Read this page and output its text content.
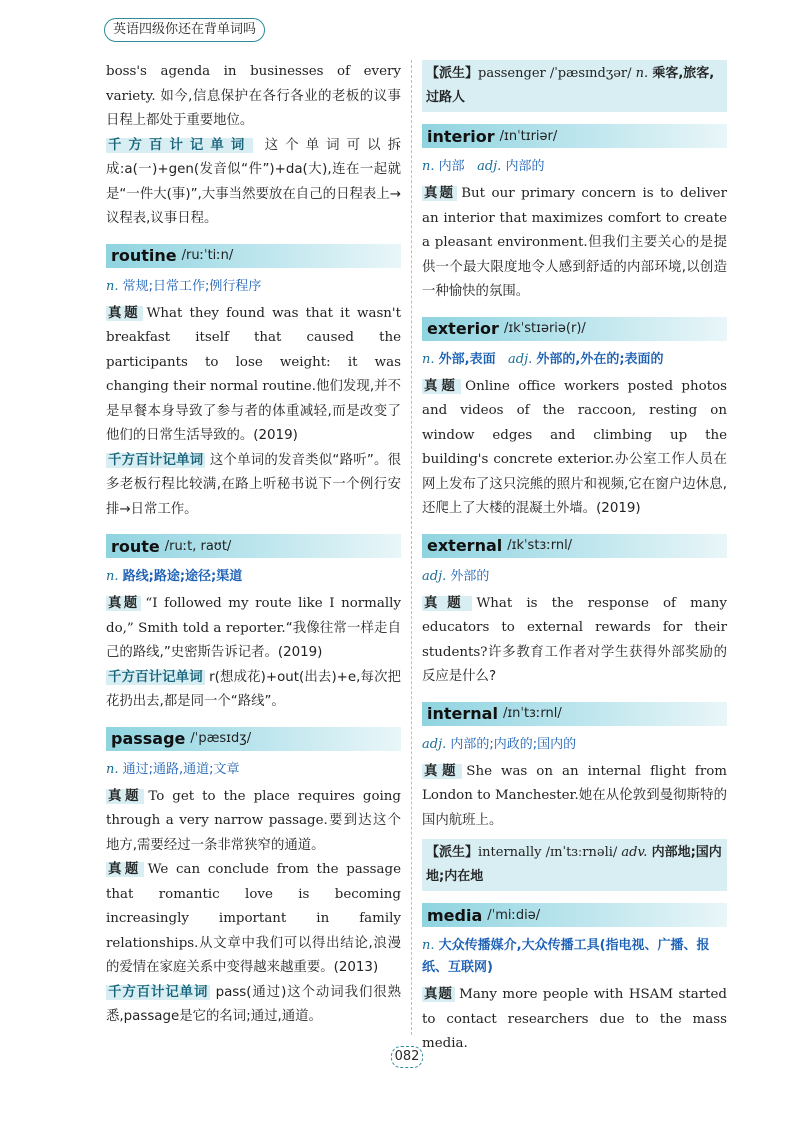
英语四级你还在背单词吗

boss's agenda in businesses of every variety. 如今,信息保护在各行各业的老板的议事日程上都处于重要地位。

千方百计记单词 这个单词可以拆成:a(一)+gen(发音似“件”)+da(大),连在一起就是“一件大(事)”,大事当然要放在自己的日程表上→议程表,议事日程。

routine /ruːˈtiːn/

n. 常规;日常工作;例行程序

真题 What they found was that it wasn't breakfast itself that caused the participants to lose weight: it was changing their normal routine.他们发现,并不是早餐本身导致了参与者的体重减轻,而是改变了他们的日常生活导致的。(2019)

千方百计记单词 这个单词的发音类似“路听”。很多老板行程比较满,在路上听秘书说下一个例行安排→日常工作。

route /ruːt, raʊt/

n. 路线;路途;途径;渠道

真题 “I followed my route like I normally do,” Smith told a reporter.“我像往常一样走自己的路线,”史密斯告诉记者。(2019)

千方百计记单词 r(想成花)+out(出去)+e,每次把花扔出去,都是同一个“路线”。

passage /ˈpæsɪdʒ/

n. 通过;通路,通道;文章

真题 To get to the place requires going through a very narrow passage.要到达这个地方,需要经过一条非常狭窄的通道。

真题 We can conclude from the passage that romantic love is becoming increasingly important in family relationships.从文章中我们可以得出结论,浪漫的爱情在家庭关系中变得越来越重要。(2013)

千方百计记单词 pass(通过)这个动词我们很熟悉,passage是它的名词;通过,通道。

【派生】passenger /ˈpæsɪndʒər/ n. 乘客,旅客,过路人
interior /ɪnˈtɪriər/

n. 内部 adj. 内部的

真题 But our primary concern is to deliver an interior that maximizes comfort to create a pleasant environment.但我们主要关心的是提供一个最大限度地令人感到舒适的内部环境,以创造一种愉快的氛围。

exterior /ɪkˈstɪəriə(r)/

n. 外部,表面 adj. 外部的,外在的;表面的

真题 Online office workers posted photos and videos of the raccoon, resting on window edges and climbing up the building's concrete exterior.办公室工作人员在网上发布了这只浣熊的照片和视频,它在窗户边休息,还爬上了大楼的混凝土外墙。(2019)

external /ɪkˈstɜːrnl/

adj. 外部的

真题 What is the response of many educators to external rewards for their students?许多教育工作者对学生获得外部奖励的反应是什么?

internal /ɪnˈtɜːrnl/

adj. 内部的;内政的;国内的

真题 She was on an internal flight from London to Manchester.她在从伦敦到曼彻斯特的国内航班上。

【派生】internally /ɪnˈtɜːrnəli/ adv. 内部地;国内地;内在地
media /ˈmiːdiə/

n. 大众传播媒介,大众传播工具(指电视、广播、报纸、互联网)

真题 Many more people with HSAM started to contact researchers due to the mass media.

082
